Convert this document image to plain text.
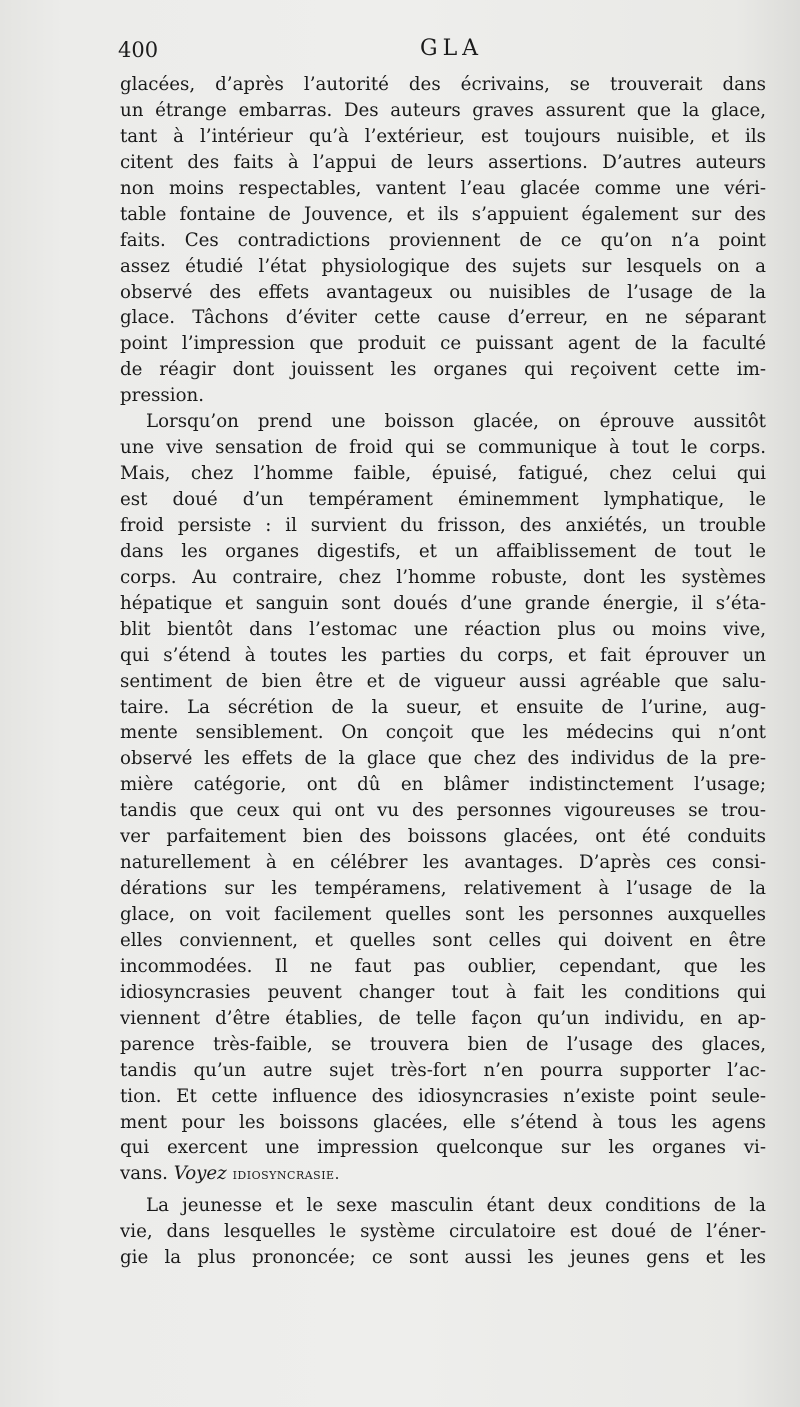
400	GLA
glacées, d’après l’autorité des écrivains, se trouverait dans
un étrange embarras. Des auteurs graves assurent que la glace,
tant à l’intérieur qu’à l’extérieur, est toujours nuisible, et ils
citent des faits à l’appui de leurs assertions. D’autres auteurs
non moins respectables, vantent l’eau glacée comme une véri-
table fontaine de Jouvence, et ils s’appuient également sur des
faits. Ces contradictions proviennent de ce qu’on n’a point
assez étudié l’état physiologique des sujets sur lesquels on a
observé des effets avantageux ou nuisibles de l’usage de la
glace. Tâchons d’éviter cette cause d’erreur, en ne séparant
point l’impression que produit ce puissant agent de la faculté
de réagir dont jouissent les organes qui reçoivent cette im-
pression.
Lorsqu’on prend une boisson glacée, on éprouve aussitôt
une vive sensation de froid qui se communique à tout le corps.
Mais, chez l’homme faible, épuisé, fatigué, chez celui qui
est doué d’un tempérament éminemment lymphatique, le
froid persiste : il survient du frisson, des anxiétés, un trouble
dans les organes digestifs, et un affaiblissement de tout le
corps. Au contraire, chez l’homme robuste, dont les systèmes
hépatique et sanguin sont doués d’une grande énergie, il s’éta-
blit bientôt dans l’estomac une réaction plus ou moins vive,
qui s’étend à toutes les parties du corps, et fait éprouver un
sentiment de bien être et de vigueur aussi agréable que salu-
taire. La sécrétion de la sueur, et ensuite de l’urine, aug-
mente sensiblement. On conçoit que les médecins qui n’ont
observé les effets de la glace que chez des individus de la pre-
mière catégorie, ont dû en blâmer indistinctement l’usage;
tandis que ceux qui ont vu des personnes vigoureuses se trou-
ver parfaitement bien des boissons glacées, ont été conduits
naturellement à en célébrer les avantages. D’après ces consi-
dérations sur les tempéramens, relativement à l’usage de la
glace, on voit facilement quelles sont les personnes auxquelles
elles conviennent, et quelles sont celles qui doivent en être
incommodées. Il ne faut pas oublier, cependant, que les
idiosyncrasies peuvent changer tout à fait les conditions qui
viennent d’être établies, de telle façon qu’un individu, en ap-
parence très-faible, se trouvera bien de l’usage des glaces,
tandis qu’un autre sujet très-fort n’en pourra supporter l’ac-
tion. Et cette influence des idiosyncrasies n’existe point seule-
ment pour les boissons glacées, elle s’étend à tous les agens
qui exercent une impression quelconque sur les organes vi-
vans. Voyez idiosyncrasie.
La jeunesse et le sexe masculin étant deux conditions de la
vie, dans lesquelles le système circulatoire est doué de l’éner-
gie la plus prononcée; ce sont aussi les jeunes gens et les
